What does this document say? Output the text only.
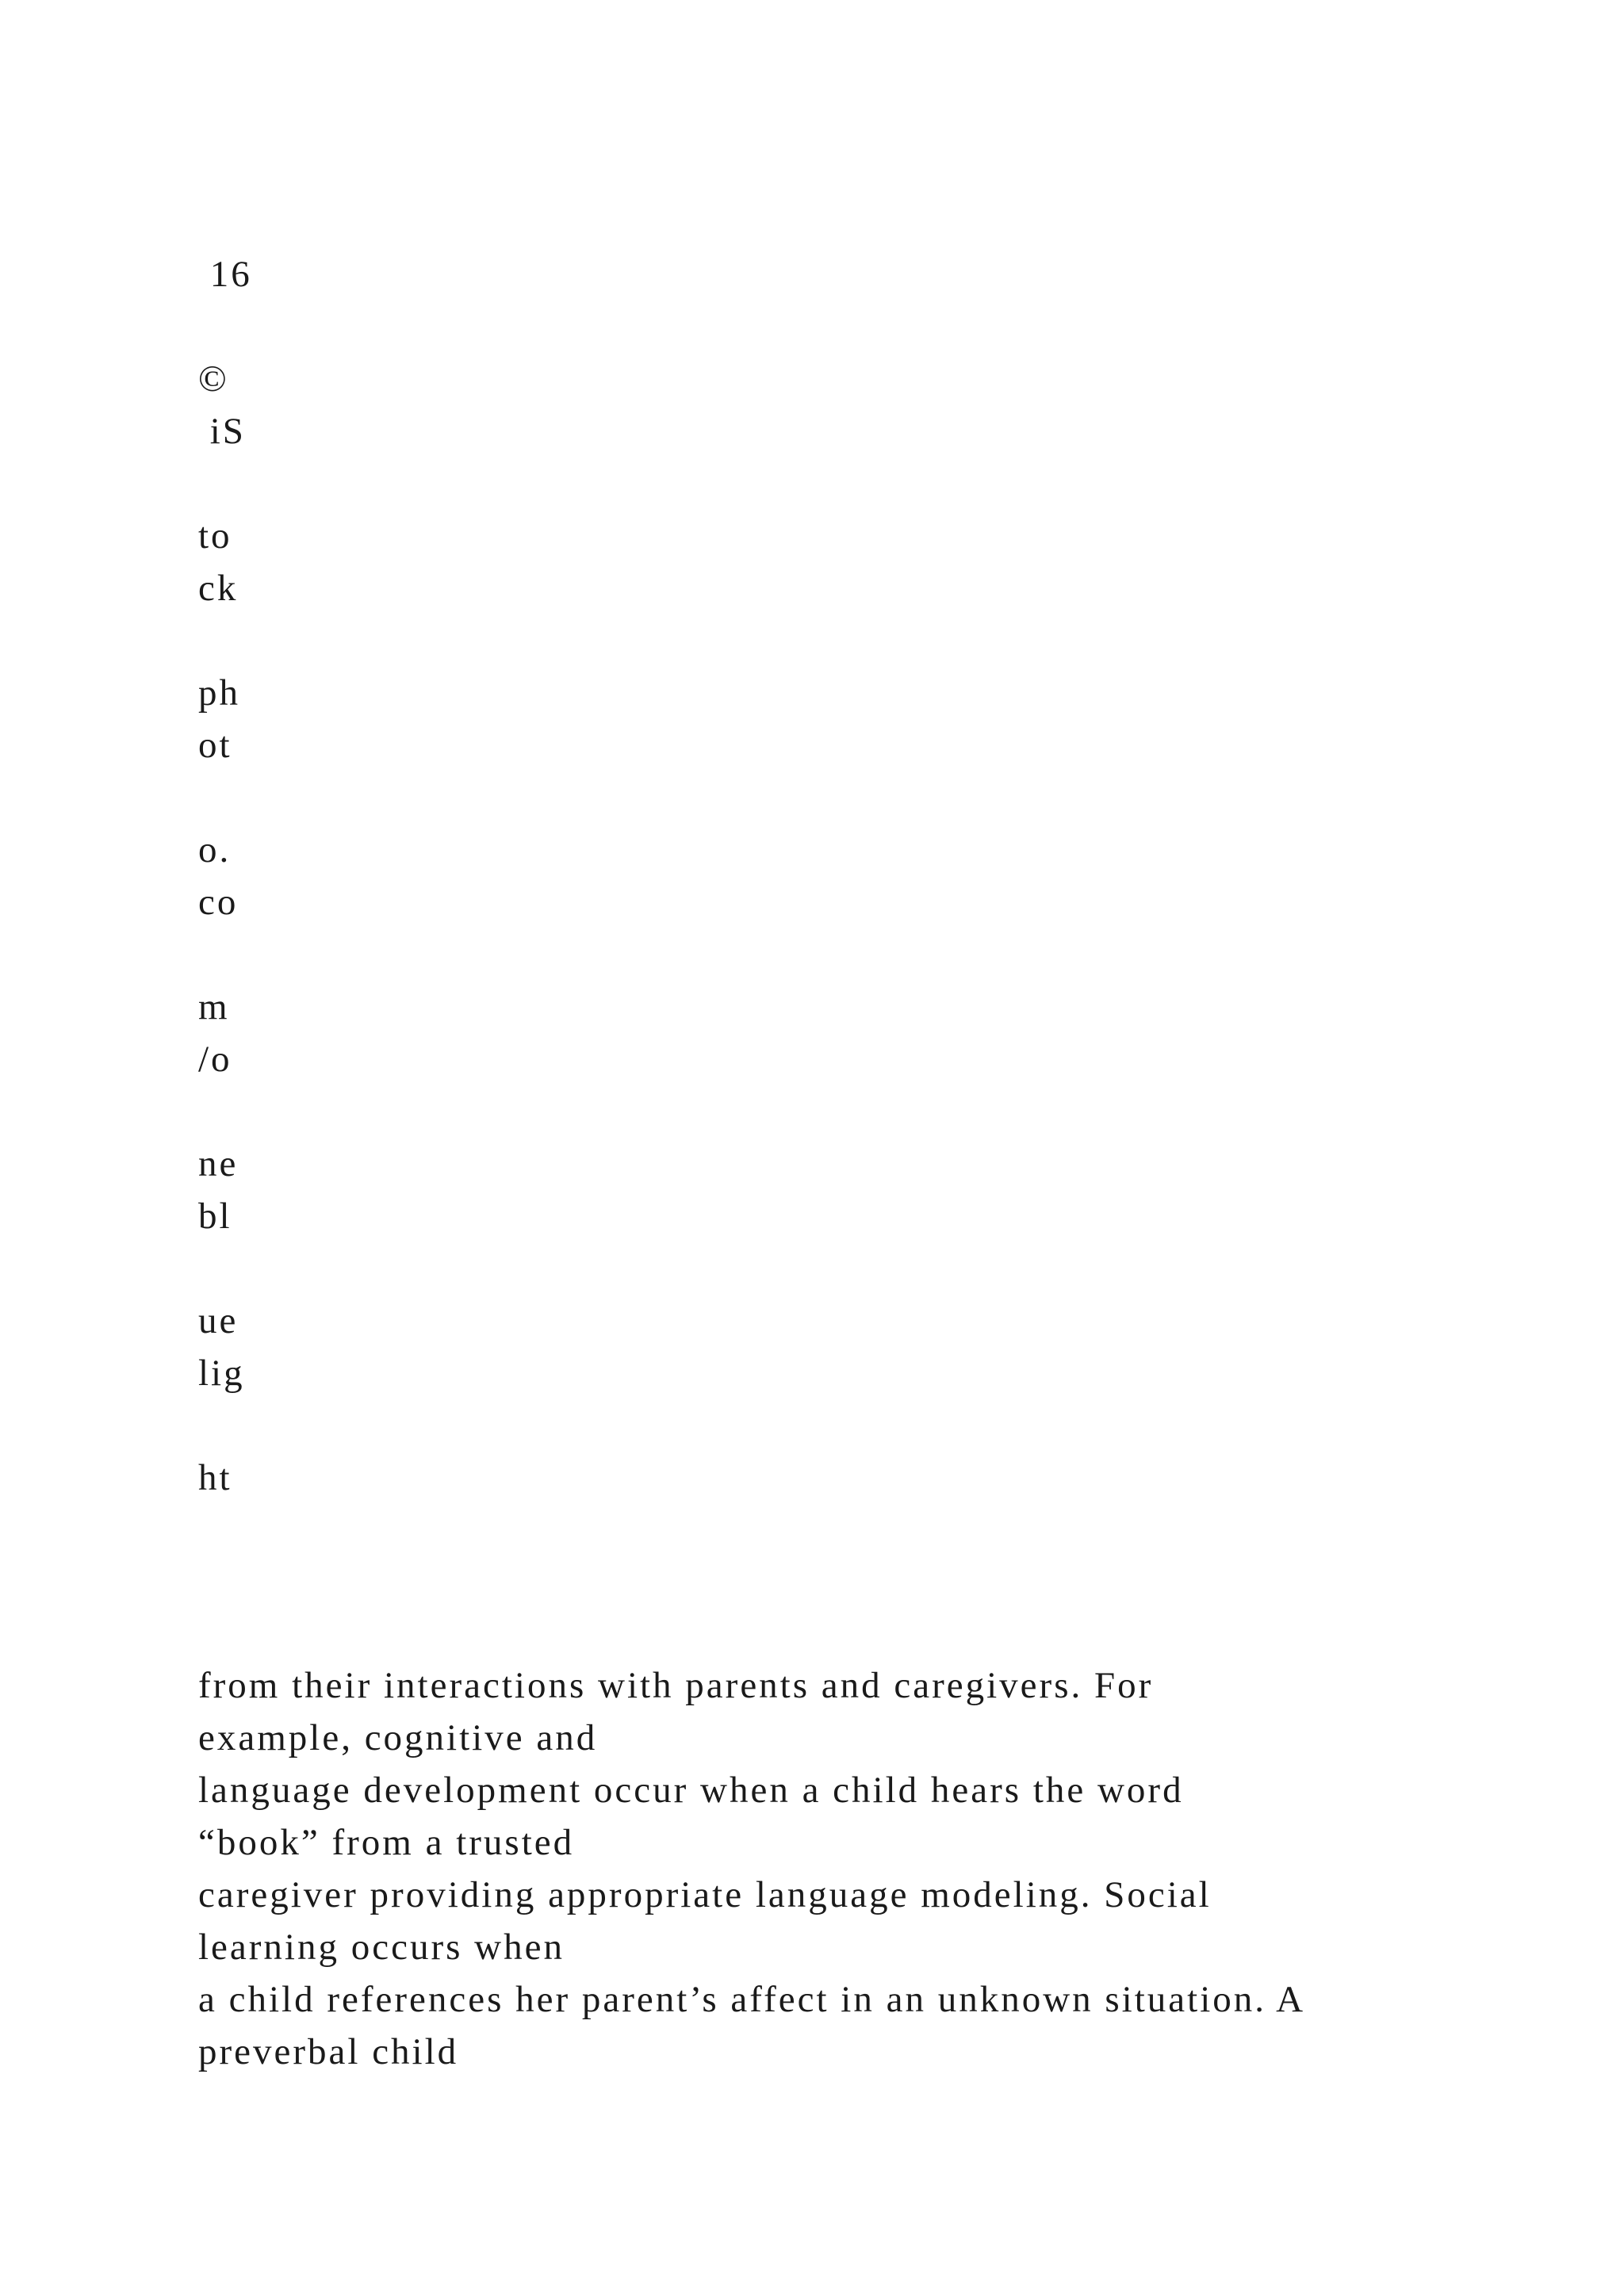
16

©

iS

to

ck

ph

ot

o.

co

m

/o

ne

bl

ue

lig

ht

from their interactions with parents and caregivers. For

example, cognitive and

language development occur when a child hears the word

“book” from a trusted

caregiver providing appropriate language modeling. Social

learning occurs when

a child references her parent’s affect in an unknown situation. A

preverbal child
